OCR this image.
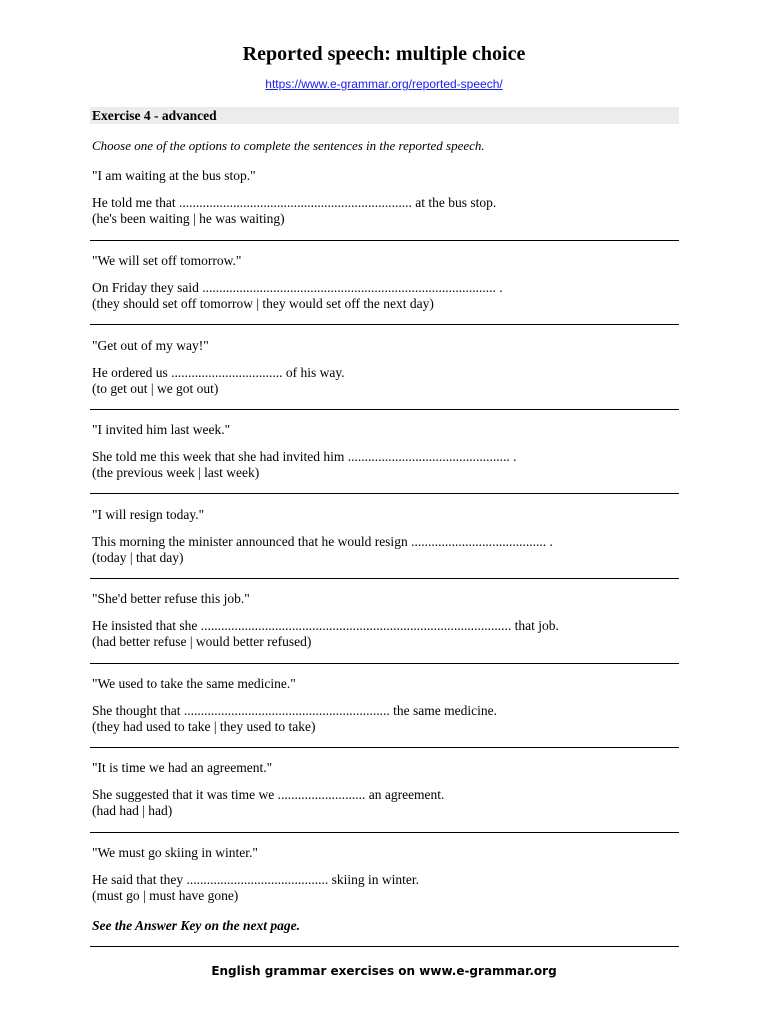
Reported speech: multiple choice
https://www.e-grammar.org/reported-speech/
Exercise 4 - advanced
Choose one of the options to complete the sentences in the reported speech.
"I am waiting at the bus stop."
He told me that ..................................................................... at the bus stop.
(he's been waiting | he was waiting)
"We will set off tomorrow."
On Friday they said ....................................................................................... .
(they should set off tomorrow | they would set off the next day)
"Get out of my way!"
He ordered us ................................. of his way.
(to get out | we got out)
"I invited him last week."
She told me this week that she had invited him ................................................ .
(the previous week | last week)
"I will resign today."
This morning the minister announced that he would resign ........................................ .
(today | that day)
"She'd better refuse this job."
He insisted that she ............................................................................................ that job.
(had better refuse | would better refused)
"We used to take the same medicine."
She thought that ............................................................. the same medicine.
(they had used to take | they used to take)
"It is time we had an agreement."
She suggested that it was time we .......................... an agreement.
(had had | had)
"We must go skiing in winter."
He said that they .......................................... skiing in winter.
(must go | must have gone)
See the Answer Key on the next page.
English grammar exercises on www.e-grammar.org
